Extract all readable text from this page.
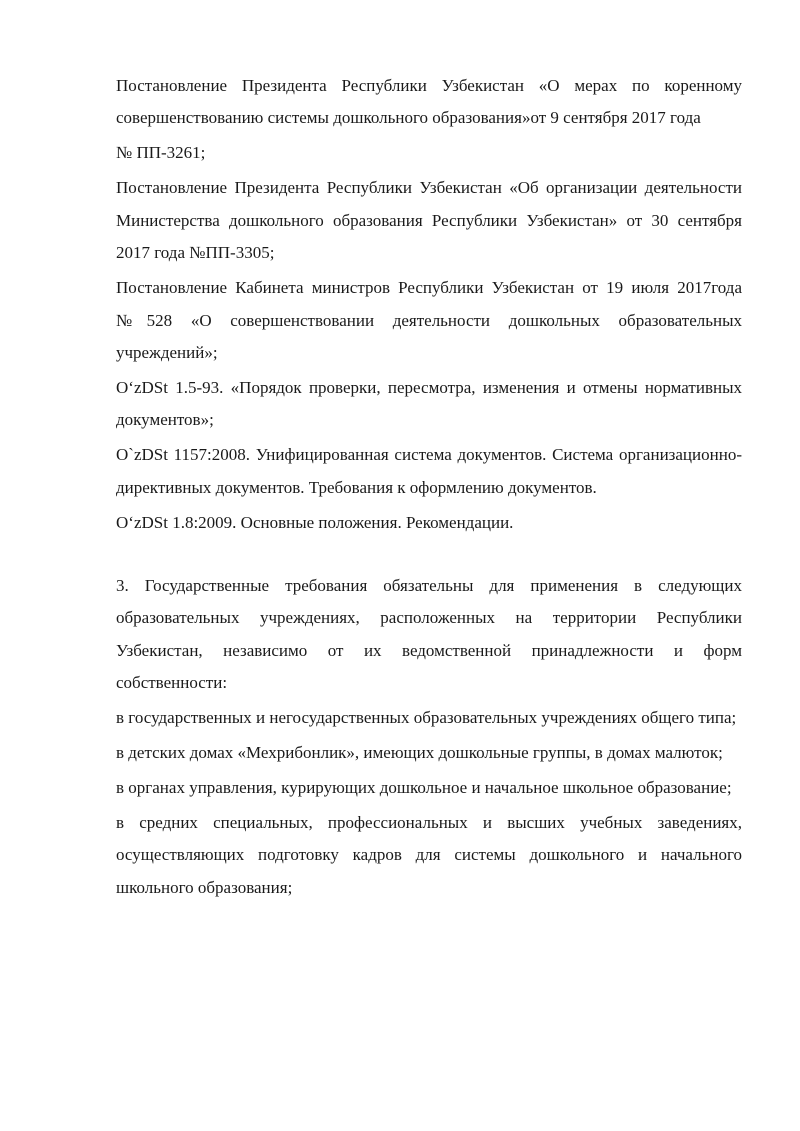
Постановление Президента Республики Узбекистан «О мерах по коренному совершенствованию системы дошкольного образования»от 9 сентября 2017 года

№ ПП-3261;

Постановление Президента Республики Узбекистан «Об организации деятельности Министерства дошкольного образования Республики Узбекистан» от 30 сентября 2017 года №ПП-3305;

Постановление Кабинета министров Республики Узбекистан от 19 июля 2017года №528 «О совершенствовании деятельности дошкольных образовательных учреждений»;

O‘zDSt 1.5-93. «Порядок проверки, пересмотра, изменения и отмены нормативных документов»;

O`zDSt 1157:2008. Унифицированная система документов. Система организационно-директивных документов. Требования к оформлению документов.

O‘zDSt 1.8:2009. Основные положения. Рекомендации.

3. Государственные требования обязательны для применения в следующих образовательных учреждениях, расположенных на территории Республики Узбекистан, независимо от их ведомственной принадлежности и форм собственности:

в государственных и негосударственных образовательных учреждениях общего типа;

в детских домах «Мехрибонлик», имеющих дошкольные группы, в домах малюток;

в органах управления, курирующих дошкольное и начальное школьное образование;

в средних специальных, профессиональных и высших учебных заведениях, осуществляющих подготовку кадров для системы дошкольного и начального школьного образования;
